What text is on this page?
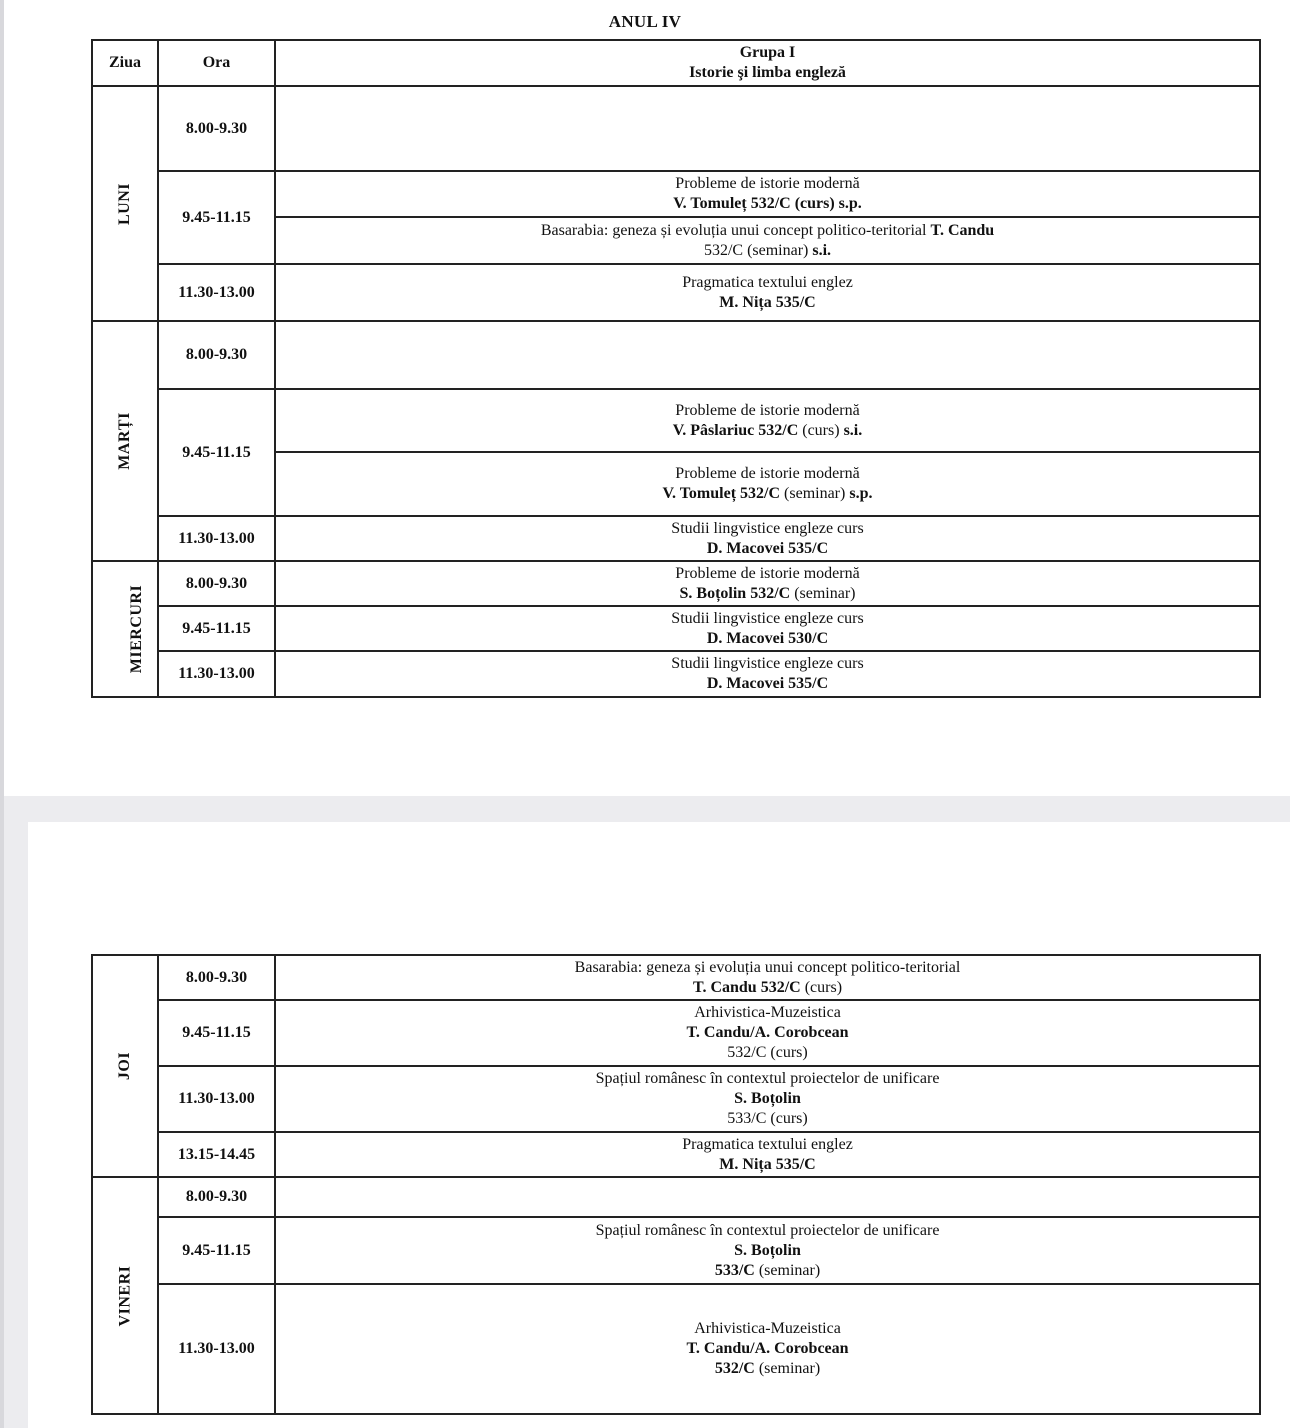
ANUL IV
Ziua	Ora	Grupa I
Istorie şi limba engleză

LUNI	8.00-9.30	
	9.45-11.15	Probleme de istorie modernă
V. Tomuleț 532/C (curs) s.p.

		Basarabia: geneza și evoluția unui concept politico-teritorial T. Candu
532/C (seminar) s.i.

	11.30-13.00	Pragmatica textului englez
M. Nița 535/C

MARȚI	8.00-9.30	
	9.45-11.15	Probleme de istorie modernă
V. Pâslariuc 532/C (curs) s.i.

		Probleme de istorie modernă
V. Tomuleț 532/C (seminar) s.p.

	11.30-13.00	Studii lingvistice engleze curs
D. Macovei 535/C

MIERCURI	8.00-9.30	Probleme de istorie modernă
S. Boțolin 532/C (seminar)

	9.45-11.15	Studii lingvistice engleze curs
D. Macovei 530/C

	11.30-13.00	Studii lingvistice engleze curs
D. Macovei 535/C
JOI	8.00-9.30	Basarabia: geneza și evoluția unui concept politico-teritorial
T. Candu 532/C (curs)

	9.45-11.15	Arhivistica-Muzeistica
T. Candu/A. Corobcean
532/C (curs)

	11.30-13.00	Spațiul românesc în contextul proiectelor de unificare
S. Boțolin
533/C (curs)

	13.15-14.45	Pragmatica textului englez
M. Nița 535/C

VINERI	8.00-9.30	
	9.45-11.15	Spațiul românesc în contextul proiectelor de unificare
S. Boțolin
533/C (seminar)

	11.30-13.00	Arhivistica-Muzeistica
T. Candu/A. Corobcean
532/C (seminar)
